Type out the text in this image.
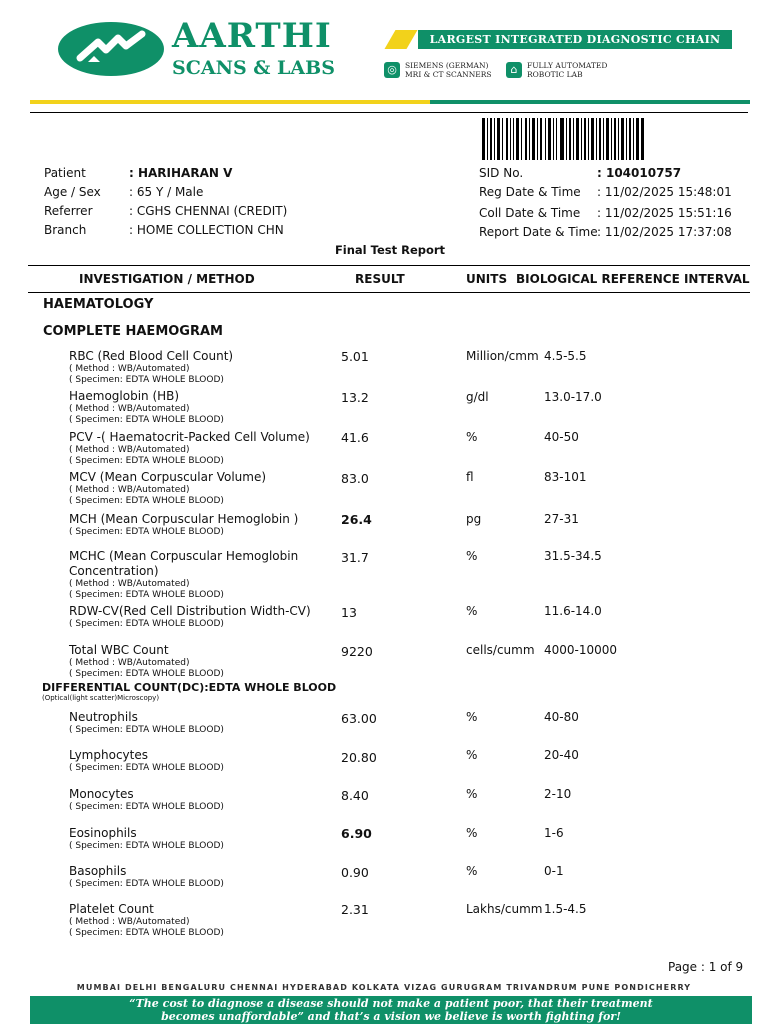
AARTHI
SCANS & LABS
LARGEST INTEGRATED DIAGNOSTIC CHAIN
◎	SIEMENS (GERMAN)
MRI & CT SCANNERS	⌂	FULLY AUTOMATED
ROBOTIC LAB
Patient	: HARIHARAN V
Age / Sex : 65 Y / Male
Referrer	: CGHS CHENNAI (CREDIT)
Branch	: HOME COLLECTION CHN
SID No.	: 104010757
Reg Date & Time : 11/02/2025 15:48:01
Coll Date & Time : 11/02/2025 15:51:16
Report Date & Time : 11/02/2025 17:37:08
Final Test Report
INVESTIGATION / METHOD	RESULT	UNITS BIOLOGICAL REFERENCE INTERVAL
HAEMATOLOGY
COMPLETE HAEMOGRAM
RBC (Red Blood Cell Count)
( Method : WB/Automated)
( Specimen: EDTA WHOLE BLOOD)
5.01	Million/cmm 4.5-5.5
Haemoglobin (HB)
( Method : WB/Automated)
( Specimen: EDTA WHOLE BLOOD)
13.2	g/dl	13.0-17.0
PCV -( Haematocrit-Packed Cell Volume)
( Method : WB/Automated)
( Specimen: EDTA WHOLE BLOOD)
41.6	%	40-50
MCV (Mean Corpuscular Volume)
( Method : WB/Automated)
( Specimen: EDTA WHOLE BLOOD)
83.0	fl	83-101
MCH (Mean Corpuscular Hemoglobin )
( Specimen: EDTA WHOLE BLOOD)
26.4	pg	27-31
MCHC (Mean Corpuscular Hemoglobin Concentration)
( Method : WB/Automated)
( Specimen: EDTA WHOLE BLOOD)
31.7	%	31.5-34.5
RDW-CV(Red Cell Distribution Width-CV)
( Specimen: EDTA WHOLE BLOOD)
13	%	11.6-14.0
Total WBC Count
( Method : WB/Automated)
( Specimen: EDTA WHOLE BLOOD)
9220	cells/cumm 4000-10000
DIFFERENTIAL COUNT(DC):EDTA WHOLE BLOOD
(Optical(light scatter)Microscopy)
Neutrophils
( Specimen: EDTA WHOLE BLOOD)
63.00	%	40-80
Lymphocytes
( Specimen: EDTA WHOLE BLOOD)
20.80	%	20-40
Monocytes
( Specimen: EDTA WHOLE BLOOD)
8.40	%	2-10
Eosinophils
( Specimen: EDTA WHOLE BLOOD)
6.90	%	1-6
Basophils
( Specimen: EDTA WHOLE BLOOD)
0.90	%	0-1
Platelet Count
( Method : WB/Automated)
( Specimen: EDTA WHOLE BLOOD)
2.31	Lakhs/cumm 1.5-4.5
Page : 1 of 9
MUMBAI DELHI BENGALURU CHENNAI HYDERABAD KOLKATA VIZAG GURUGRAM TRIVANDRUM PUNE PONDICHERRY
“The cost to diagnose a disease should not make a patient poor, that their treatment
becomes unaffordable” and that’s a vision we believe is worth fighting for!
